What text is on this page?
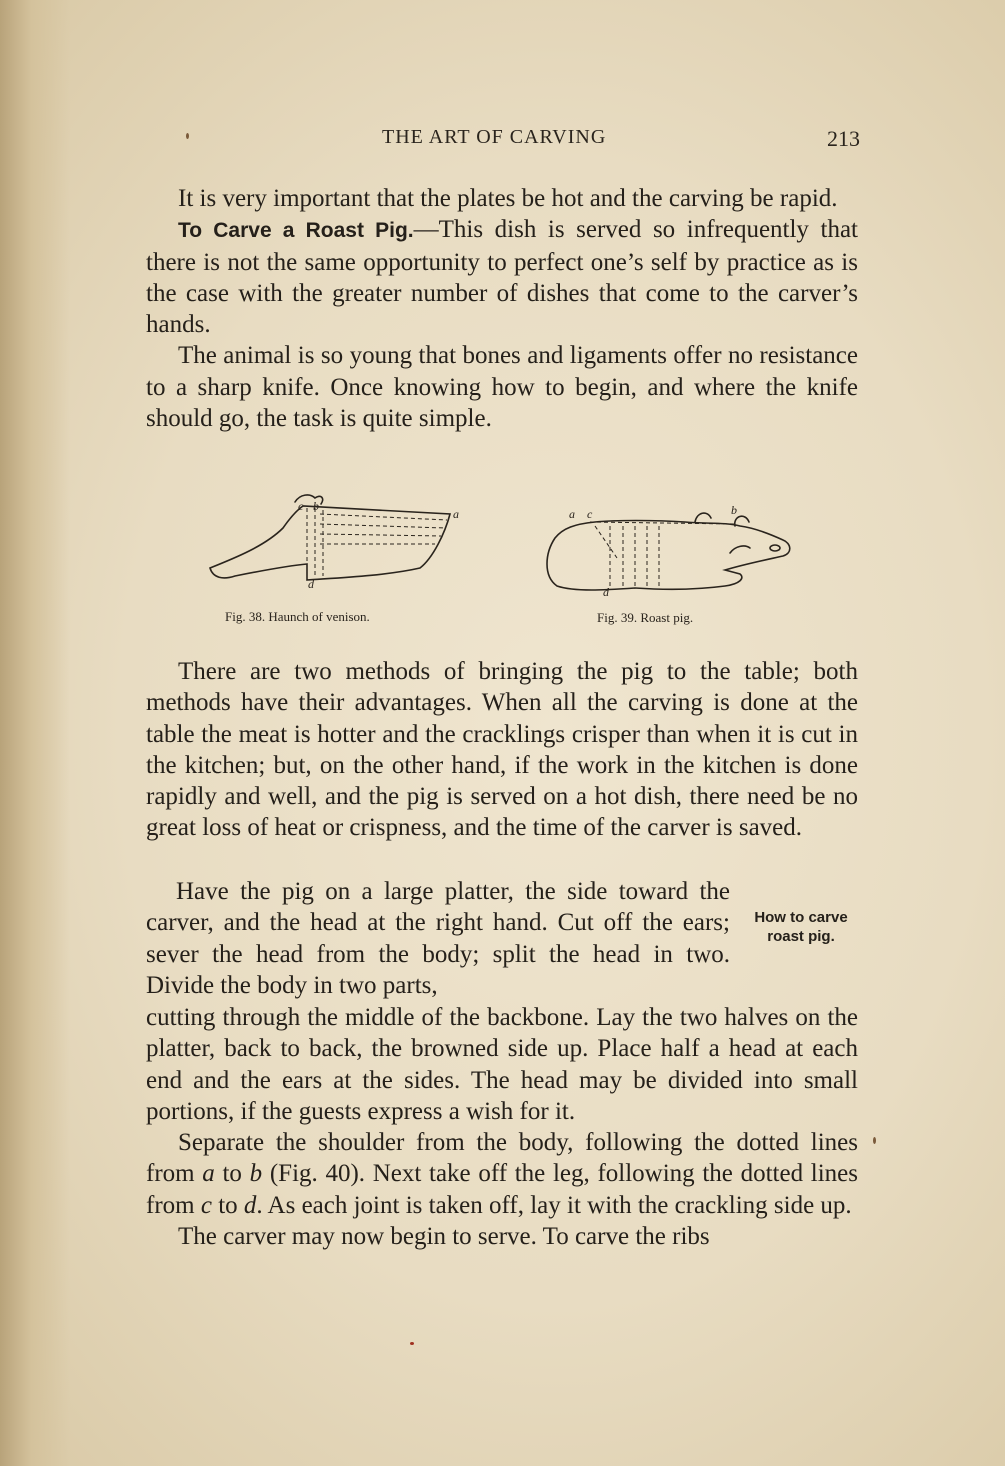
THE ART OF CARVING	213

It is very important that the plates be hot and the carving be rapid.

To Carve a Roast Pig.—This dish is served so infrequently that there is not the same opportunity to perfect one’s self by practice as is the case with the greater number of dishes that come to the carver’s hands.

The animal is so young that bones and ligaments offer no resistance to a sharp knife. Once knowing how to begin, and where the knife should go, the task is quite simple.

b
c
a
d
Fig. 38. Haunch of venison.
a c	b
d
Fig. 39. Roast pig.

There are two methods of bringing the pig to the table; both methods have their advantages. When all the carving is done at the table the meat is hotter and the cracklings crisper than when it is cut in the kitchen; but, on the other hand, if the work in the kitchen is done rapidly and well, and the pig is served on a hot dish, there need be no great loss of heat or crispness, and the time of the carver is saved.

Have the pig on a large platter, the side toward the carver, and the head at the right hand. Cut off the ears; sever the head from the body; split the head in two. Divide the body in two parts,

How to carve roast pig.

cutting through the middle of the backbone. Lay the two halves on the platter, back to back, the browned side up. Place half a head at each end and the ears at the sides. The head may be divided into small portions, if the guests express a wish for it.

Separate the shoulder from the body, following the dotted lines from a to b (Fig. 40). Next take off the leg, following the dotted lines from c to d. As each joint is taken off, lay it with the crackling side up.

The carver may now begin to serve. To carve the ribs
